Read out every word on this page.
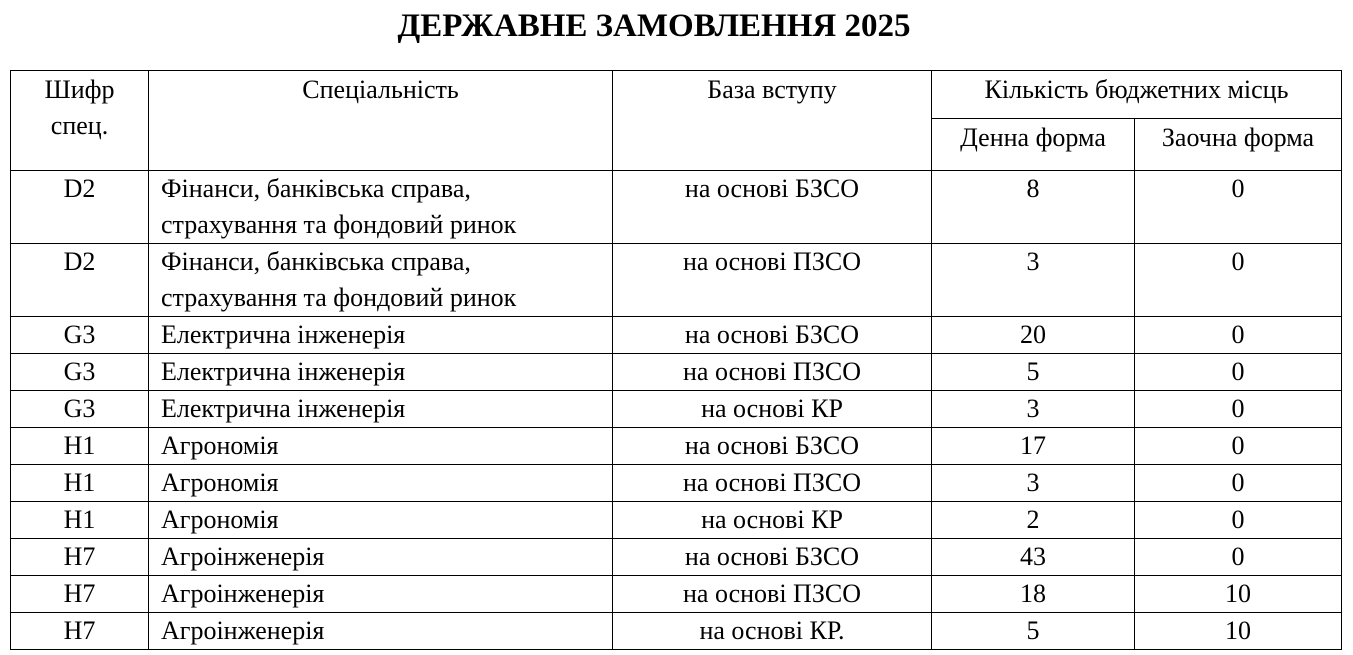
ДЕРЖАВНЕ ЗАМОВЛЕННЯ 2025
Шифр спец.	Спеціальність	База вступу	Кількість бюджетних місць	

			Денна форма	Заочна форма

D2	Фінанси, банківська справа, страхування та фондовий ринок	на основі БЗСО	8	0
D2	Фінанси, банківська справа, страхування та фондовий ринок	на основі ПЗСО	3	0
G3	Електрична інженерія	на основі БЗСО	20	0
G3	Електрична інженерія	на основі ПЗСО	5	0
G3	Електрична інженерія	на основі КР	3	0
H1	Агрономія	на основі БЗСО	17	0
H1	Агрономія	на основі ПЗСО	3	0
H1	Агрономія	на основі КР	2	0
H7	Агроінженерія	на основі БЗСО	43	0
H7	Агроінженерія	на основі ПЗСО	18	10
H7	Агроінженерія	на основі КР.	5	10
